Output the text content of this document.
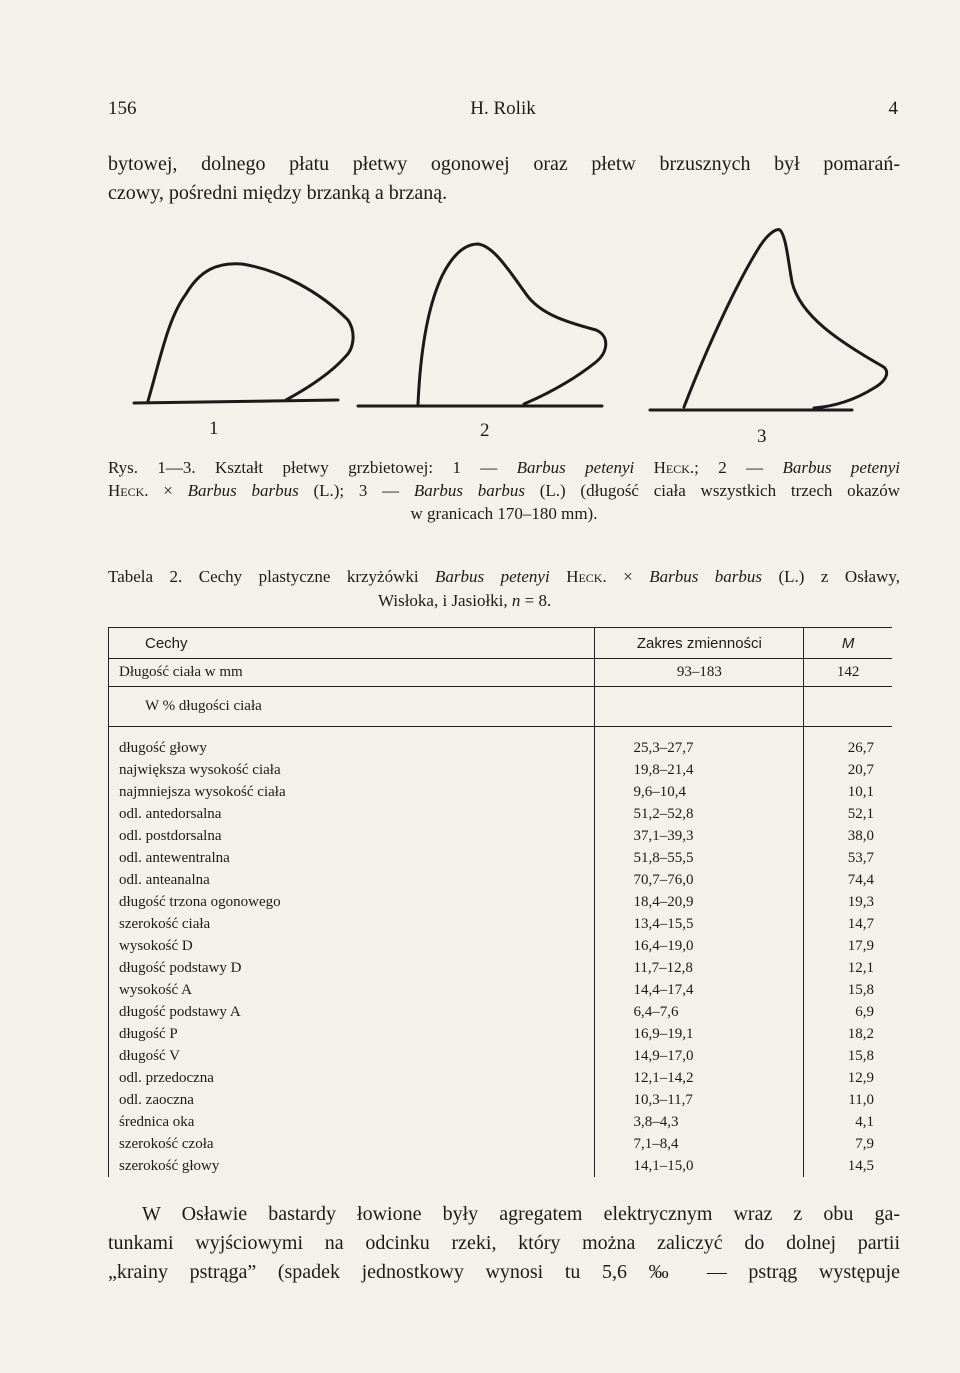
156	H. Rolik	4
bytowej, dolnego płatu płetwy ogonowej oraz płetw brzusznych był pomarań-
czowy, pośredni między brzanką a brzaną.
1	2	3
Rys. 1—3. Kształt płetwy grzbietowej: 1 — Barbus petenyi Heck.; 2 — Barbus petenyi
Heck. × Barbus barbus (L.); 3 — Barbus barbus (L.) (długość ciała wszystkich trzech okazów
w granicach 170–180 mm).
Tabela 2. Cechy plastyczne krzyżówki Barbus petenyi Heck. × Barbus barbus (L.) z Osławy,
Wisłoka, i Jasiołki, n = 8.
Cechy	Zakres zmienności	M
Długość ciała w mm	93–183	142
W % długości ciała		

długość głowy	25,3–27,7	26,7
największa wysokość ciała	19,8–21,4	20,7
najmniejsza wysokość ciała	9,6–10,4	10,1
odl. antedorsalna	51,2–52,8	52,1
odl. postdorsalna	37,1–39,3	38,0
odl. antewentralna	51,8–55,5	53,7
odl. anteanalna	70,7–76,0	74,4
długość trzona ogonowego	18,4–20,9	19,3
szerokość ciała	13,4–15,5	14,7
wysokość D	16,4–19,0	17,9
długość podstawy D	11,7–12,8	12,1
wysokość A	14,4–17,4	15,8
długość podstawy A	6,4–7,6	6,9
długość P	16,9–19,1	18,2
długość V	14,9–17,0	15,8
odl. przedoczna	12,1–14,2	12,9
odl. zaoczna	10,3–11,7	11,0
średnica oka	3,8–4,3	4,1
szerokość czoła	7,1–8,4	7,9
szerokość głowy	14,1–15,0	14,5
W Osławie bastardy łowione były agregatem elektrycznym wraz z obu ga-
tunkami wyjściowymi na odcinku rzeki, który można zaliczyć do dolnej partii
„krainy pstrąga” (spadek jednostkowy wynosi tu 5,6 ‰ — pstrąg występuje
